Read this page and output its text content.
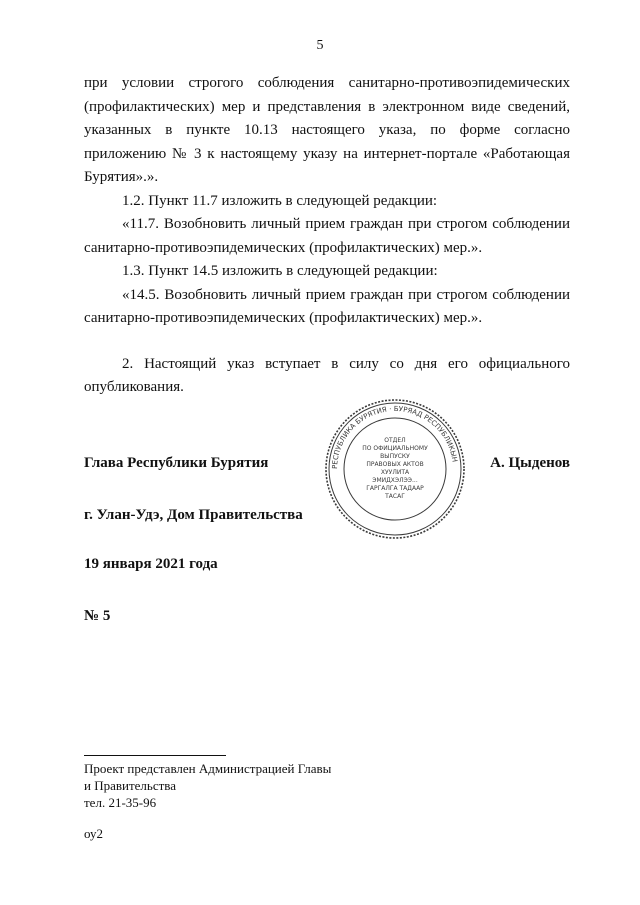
5

при условии строгого соблюдения санитарно-противоэпидемических (профилактических) мер и представления в электронном виде сведений, указанных в пункте 10.13 настоящего указа, по форме согласно приложению № 3 к настоящему указу на интернет-портале «Работающая Бурятия».».

1.2. Пункт 11.7 изложить в следующей редакции:

«11.7. Возобновить личный прием граждан при строгом соблюдении санитарно-противоэпидемических (профилактических) мер.».

1.3. Пункт 14.5 изложить в следующей редакции:

«14.5. Возобновить личный прием граждан при строгом соблюдении санитарно-противоэпидемических (профилактических) мер.».

2. Настоящий указ вступает в силу со дня его официального опубликования.

Глава Республики Бурятия	А. Цыденов
г. Улан-Удэ, Дом Правительства
19 января 2021 года
№ 5
РЕСПУБЛИКА БУРЯТИЯ · БУРЯАД РЕСПУБЛИКЫН
ОТДЕЛ
ПО ОФИЦИАЛЬНОМУ
ВЫПУСКУ
ПРАВОВЫХ АКТОВ
ХУУЛИТА
ЭМИДХЭЛЭЭ...
ГАРГАЛГА ТАДААР
ТАСАГ
Проект представлен Администрацией Главы
и Правительства
тел. 21-35-96
оу2
